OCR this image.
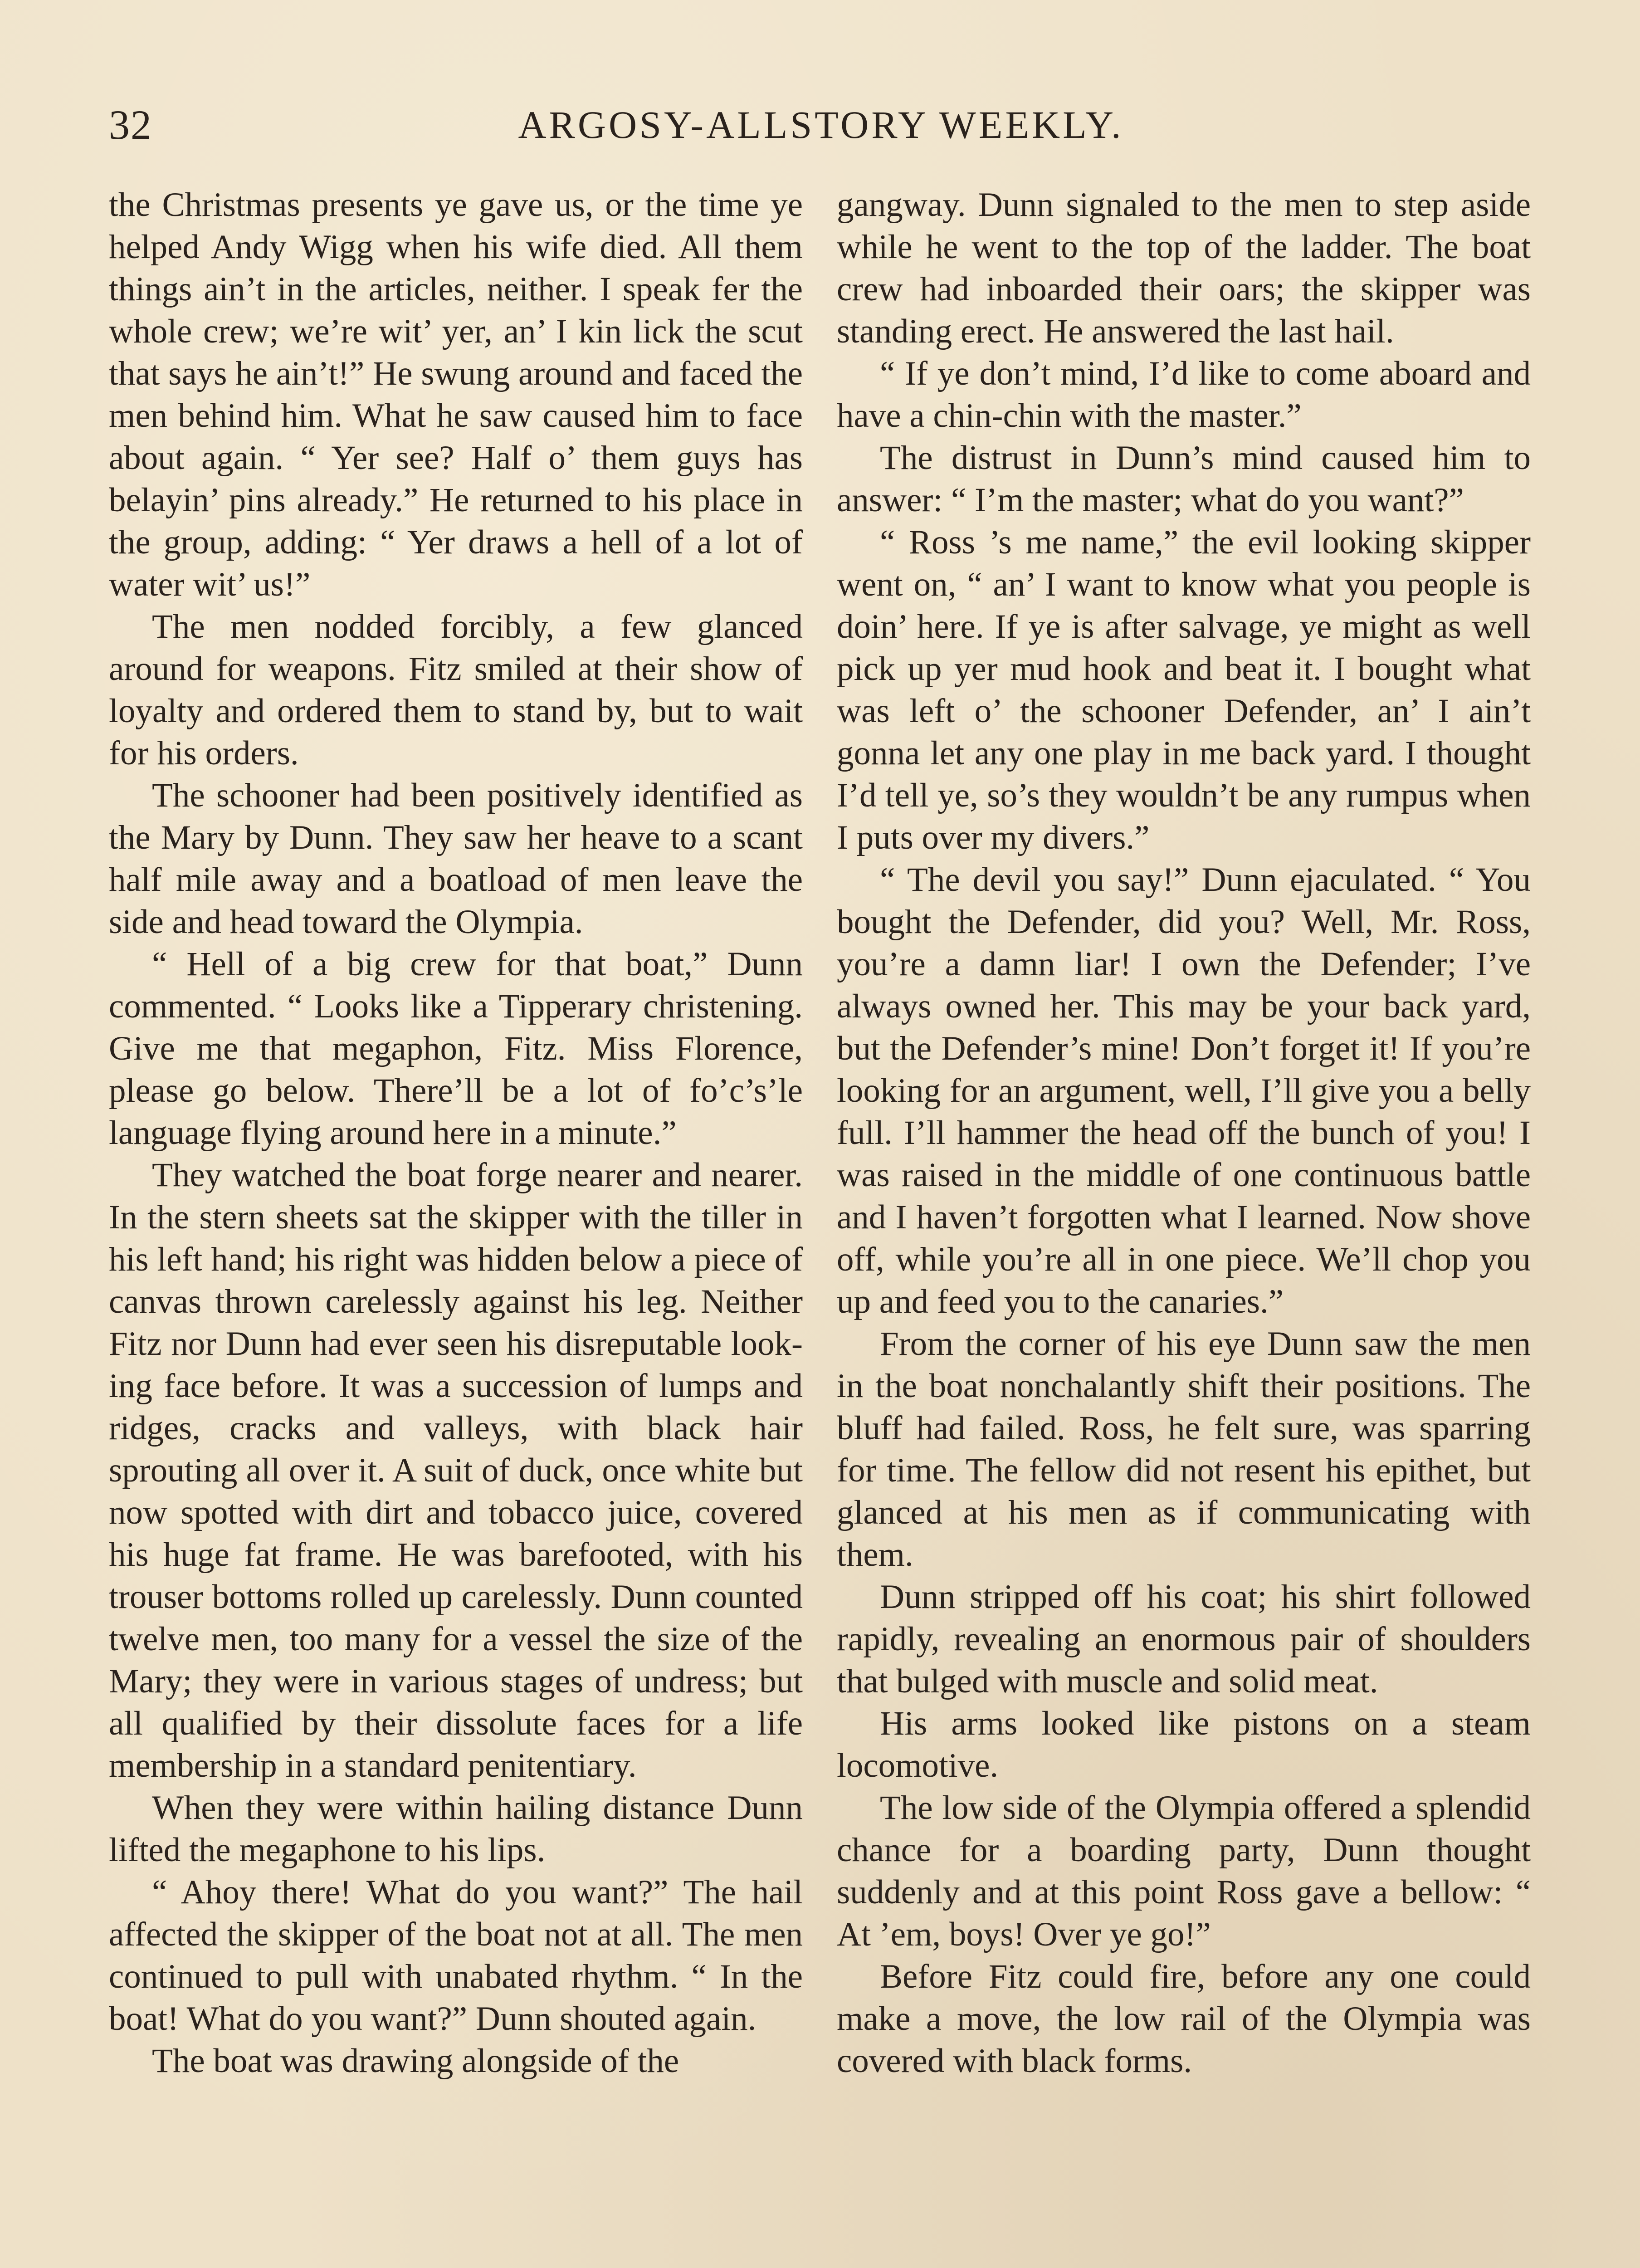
32	ARGOSY-ALLSTORY WEEKLY.

the Christmas presents ye gave us, or the time ye helped Andy Wigg when his wife died. All them things ain’t in the articles, neither. I speak fer the whole crew; we’re wit’ yer, an’ I kin lick the scut that says he ain’t!” He swung around and faced the men behind him. What he saw caused him to face about again. “ Yer see? Half o’ them guys has belayin’ pins already.” He returned to his place in the group, adding: “ Yer draws a hell of a lot of water wit’ us!”

The men nodded forcibly, a few glanced around for weapons. Fitz smiled at their show of loyalty and ordered them to stand by, but to wait for his orders.

The schooner had been positively identified as the Mary by Dunn. They saw her heave to a scant half mile away and a boatload of men leave the side and head toward the Olympia.

“ Hell of a big crew for that boat,” Dunn commented. “ Looks like a Tipperary christening. Give me that megaphon, Fitz. Miss Florence, please go below. There’ll be a lot of fo’c’s’le language flying around here in a minute.”

They watched the boat forge nearer and nearer. In the stern sheets sat the skipper with the tiller in his left hand; his right was hidden below a piece of canvas thrown carelessly against his leg. Neither Fitz nor Dunn had ever seen his disreputable looking face before. It was a succession of lumps and ridges, cracks and valleys, with black hair sprouting all over it. A suit of duck, once white but now spotted with dirt and tobacco juice, covered his huge fat frame. He was barefooted, with his trouser bottoms rolled up carelessly. Dunn counted twelve men, too many for a vessel the size of the Mary; they were in various stages of undress; but all qualified by their dissolute faces for a life membership in a standard penitentiary.

When they were within hailing distance Dunn lifted the megaphone to his lips.

“ Ahoy there! What do you want?” The hail affected the skipper of the boat not at all. The men continued to pull with unabated rhythm. “ In the boat! What do you want?” Dunn shouted again.

The boat was drawing alongside of the

gangway. Dunn signaled to the men to step aside while he went to the top of the ladder. The boat crew had inboarded their oars; the skipper was standing erect. He answered the last hail.

“ If ye don’t mind, I’d like to come aboard and have a chin-chin with the master.”

The distrust in Dunn’s mind caused him to answer: “ I’m the master; what do you want?”

“ Ross ’s me name,” the evil looking skipper went on, “ an’ I want to know what you people is doin’ here. If ye is after salvage, ye might as well pick up yer mud hook and beat it. I bought what was left o’ the schooner Defender, an’ I ain’t gonna let any one play in me back yard. I thought I’d tell ye, so’s they wouldn’t be any rumpus when I puts over my divers.”

“ The devil you say!” Dunn ejaculated. “ You bought the Defender, did you? Well, Mr. Ross, you’re a damn liar! I own the Defender; I’ve always owned her. This may be your back yard, but the Defender’s mine! Don’t forget it! If you’re looking for an argument, well, I’ll give you a belly full. I’ll hammer the head off the bunch of you! I was raised in the middle of one continuous battle and I haven’t forgotten what I learned. Now shove off, while you’re all in one piece. We’ll chop you up and feed you to the canaries.”

From the corner of his eye Dunn saw the men in the boat nonchalantly shift their positions. The bluff had failed. Ross, he felt sure, was sparring for time. The fellow did not resent his epithet, but glanced at his men as if communicating with them.

Dunn stripped off his coat; his shirt followed rapidly, revealing an enormous pair of shoulders that bulged with muscle and solid meat.

His arms looked like pistons on a steam locomotive.

The low side of the Olympia offered a splendid chance for a boarding party, Dunn thought suddenly and at this point Ross gave a bellow: “ At ’em, boys! Over ye go!”

Before Fitz could fire, before any one could make a move, the low rail of the Olympia was covered with black forms.
